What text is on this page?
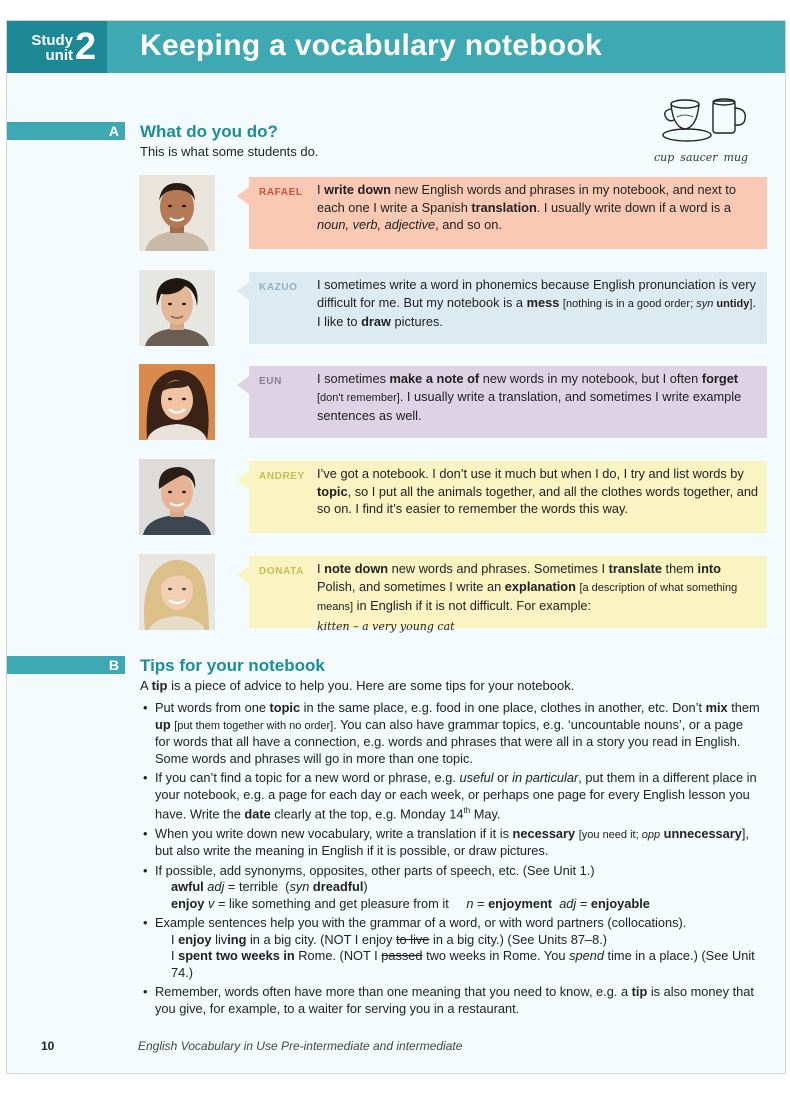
Study unit 2 Keeping a vocabulary notebook
A What do you do?
This is what some students do.	cup saucer mug
RAFAEL I write down new English words and phrases in my notebook, and next to each one I write a Spanish translation. I usually write down if a word is a noun, verb, adjective, and so on.
KAZUO I sometimes write a word in phonemics because English pronunciation is very difficult for me. But my notebook is a mess [nothing is in a good order; syn untidy]. I like to draw pictures.
EUN	I sometimes make a note of new words in my notebook, but I often forget [don't remember]. I usually write a translation, and sometimes I write example sentences as well.
ANDREY I’ve got a notebook. I don’t use it much but when I do, I try and list words by topic, so I put all the animals together, and all the clothes words together, and so on. I find it’s easier to remember the words this way.
DONATA I note down new words and phrases. Sometimes I translate them into Polish, and sometimes I write an explanation [a description of what something means] in English if it is not difficult. For example:
kitten – a very young cat
B Tips for your notebook
A tip is a piece of advice to help you. Here are some tips for your notebook.
• Put words from one topic in the same place, e.g. food in one place, clothes in another, etc. Don’t mix them up [put them together with no order]. You can also have grammar topics, e.g. ‘uncountable nouns’, or a page for words that all have a connection, e.g. words and phrases that were all in a story you read in English. Some words and phrases will go in more than one topic.
• If you can’t find a topic for a new word or phrase, e.g. useful or in particular, put them in a different place in your notebook, e.g. a page for each day or each week, or perhaps one page for every English lesson you have. Write the date clearly at the top, e.g. Monday 14th May.
• When you write down new vocabulary, write a translation if it is necessary [you need it; opp unnecessary], but also write the meaning in English if it is possible, or draw pictures.
• If possible, add synonyms, opposites, other parts of speech, etc. (See Unit 1.)
awful adj = terrible  (syn dreadful)
enjoy v = like something and get pleasure from it n = enjoyment adj = enjoyable
• Example sentences help you with the grammar of a word, or with word partners (collocations).
I enjoy living in a big city. (NOT I enjoy to live in a big city.) (See Units 87–8.)
I spent two weeks in Rome. (NOT I passed two weeks in Rome. You spend time in a place.) (See Unit 74.)
• Remember, words often have more than one meaning that you need to know, e.g. a tip is also money that you give, for example, to a waiter for serving you in a restaurant.
10	English Vocabulary in Use Pre-intermediate and intermediate
